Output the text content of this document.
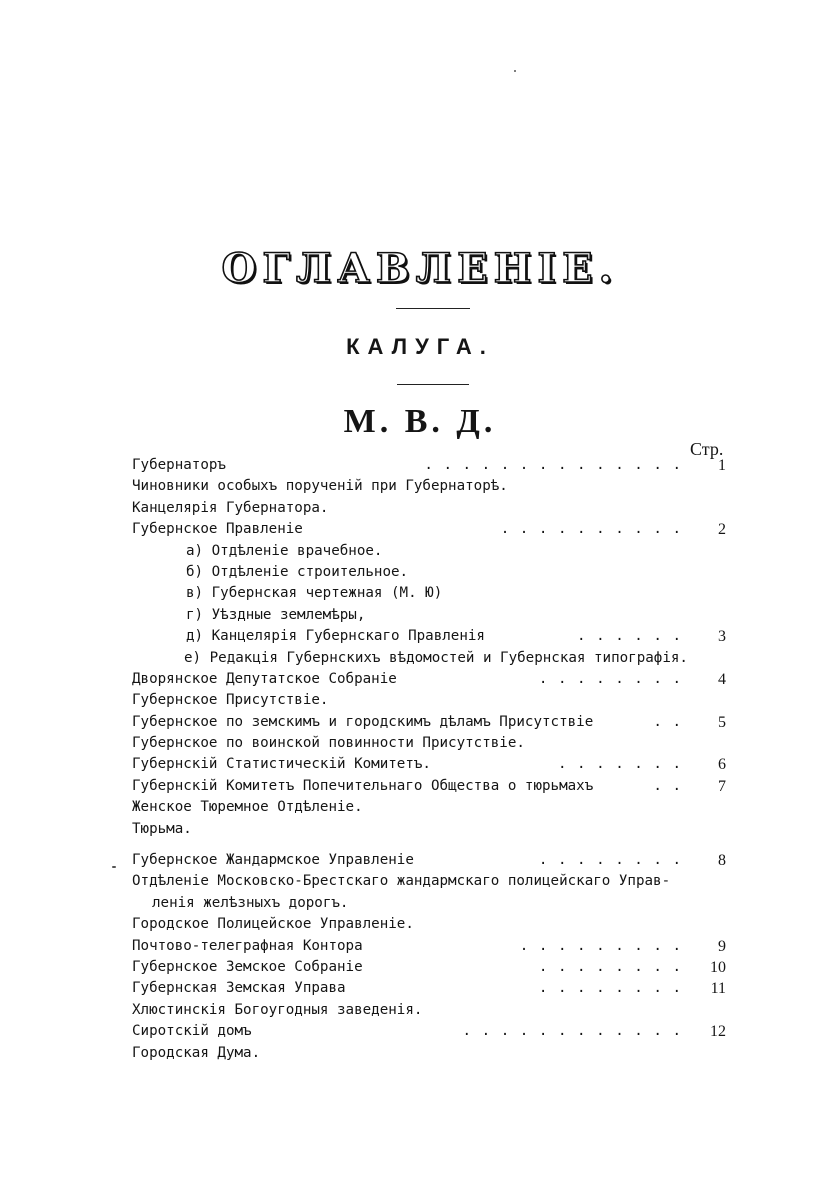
ОГЛАВЛЕНІЕ.
КАЛУГА.
М. В. Д.
Стр.
Губернаторъ	. . . . . . . . . . . . . .	1
Чиновники особыхъ порученій при Губернаторѣ.
Канцелярія Губернатора.
Губернское Правленіе	. . . . . . . . . .	2
а) Отдѣленіе врачебное.
б) Отдѣленіе строительное.
в) Губернская чертежная (М. Ю)
г) Уѣздные землемѣры,
д) Канцелярія Губернскаго Правленія	. . . . . .	3
е) Редакція Губернскихъ вѣдомостей и Губернская типографія.
Дворянское Депутатское Собраніе	. . . . . . . .	4
Губернское Присутствіе.
Губернское по земскимъ и городскимъ дѣламъ Присутствіе	. .	5
Губернское по воинской повинности Присутствіе.
Губернскій Статистическій Комитетъ.	. . . . . . .	6
Губернскій Комитетъ Попечительнаго Общества о тюрьмахъ	. .	7
Женское Тюремное Отдѣленіе.
Тюрьма.
Губернское Жандармское Управленіе	. . . . . . . .	8
Отдѣленіе Московско-Брестскаго жандармскаго полицейскаго Управ-
ленія желѣзныхъ дорогъ.
Городское Полицейское Управленіе.
Почтово-телеграфная Контора	. . . . . . . . .	9
Губернское Земское Собраніе	. . . . . . . .	10
Губернская Земская Управа	. . . . . . . .	11
Хлюстинскія Богоугодныя заведенія.
Сиротскій домъ	. . . . . . . . . . . .	12
Городская Дума.
